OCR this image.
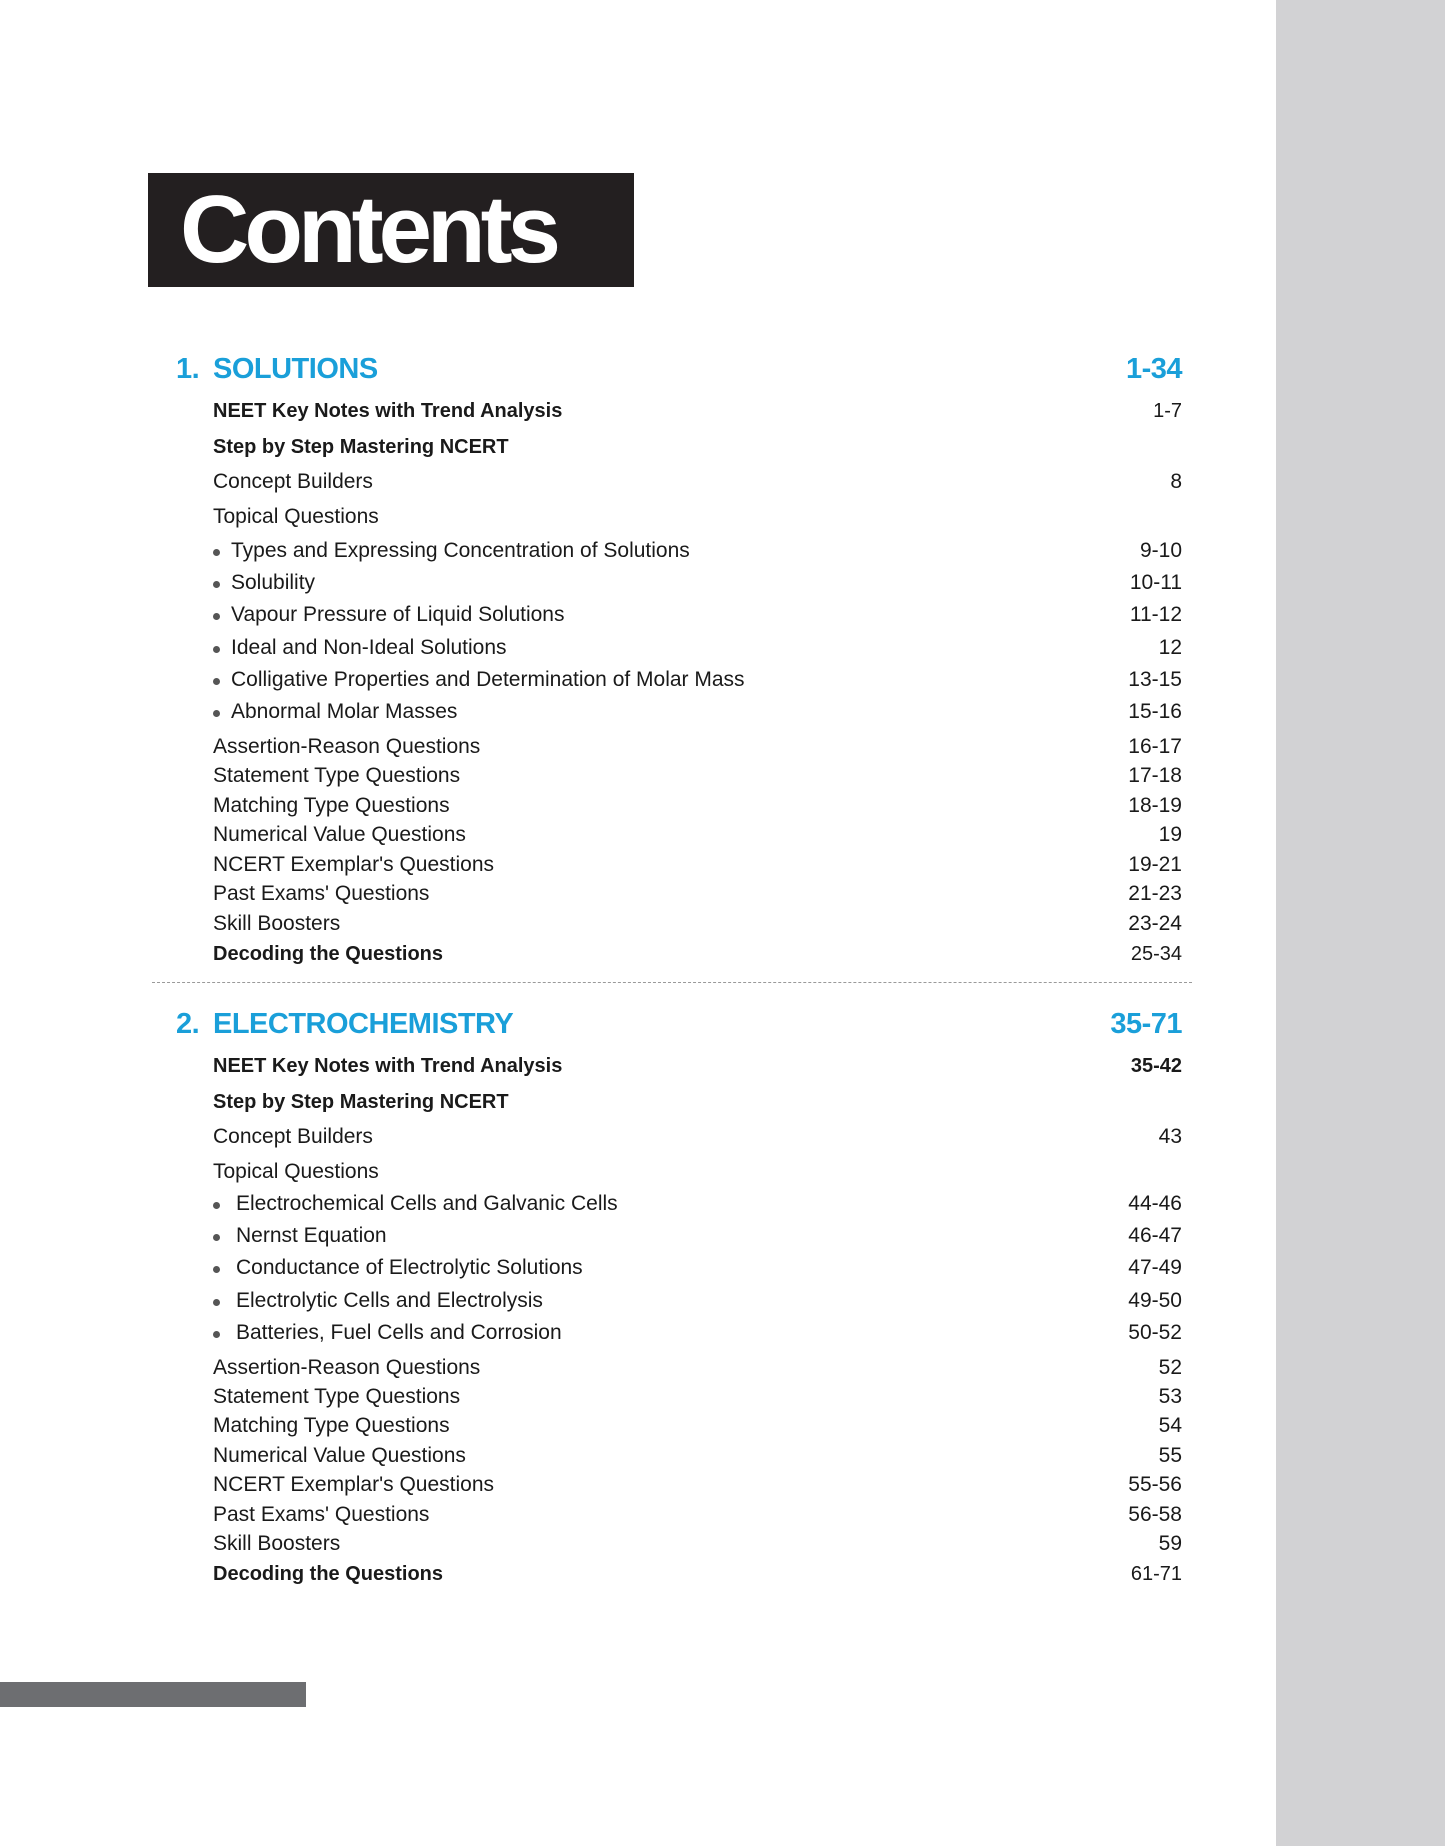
Contents
1. SOLUTIONS	1-34
NEET Key Notes with Trend Analysis	1-7
Step by Step Mastering NCERT
Concept Builders	8
Topical Questions
Types and Expressing Concentration of Solutions	9-10
Solubility	10-11
Vapour Pressure of Liquid Solutions	11-12
Ideal and Non-Ideal Solutions	12
Colligative Properties and Determination of Molar Mass	13-15
Abnormal Molar Masses	15-16
Assertion-Reason Questions	16-17
Statement Type Questions	17-18
Matching Type Questions	18-19
Numerical Value Questions	19
NCERT Exemplar's Questions	19-21
Past Exams' Questions	21-23
Skill Boosters	23-24
Decoding the Questions	25-34
2. ELECTROCHEMISTRY	35-71
NEET Key Notes with Trend Analysis	35-42
Step by Step Mastering NCERT
Concept Builders	43
Topical Questions
Electrochemical Cells and Galvanic Cells	44-46
Nernst Equation	46-47
Conductance of Electrolytic Solutions	47-49
Electrolytic Cells and Electrolysis	49-50
Batteries, Fuel Cells and Corrosion	50-52
Assertion-Reason Questions	52
Statement Type Questions	53
Matching Type Questions	54
Numerical Value Questions	55
NCERT Exemplar's Questions	55-56
Past Exams' Questions	56-58
Skill Boosters	59
Decoding the Questions	61-71
